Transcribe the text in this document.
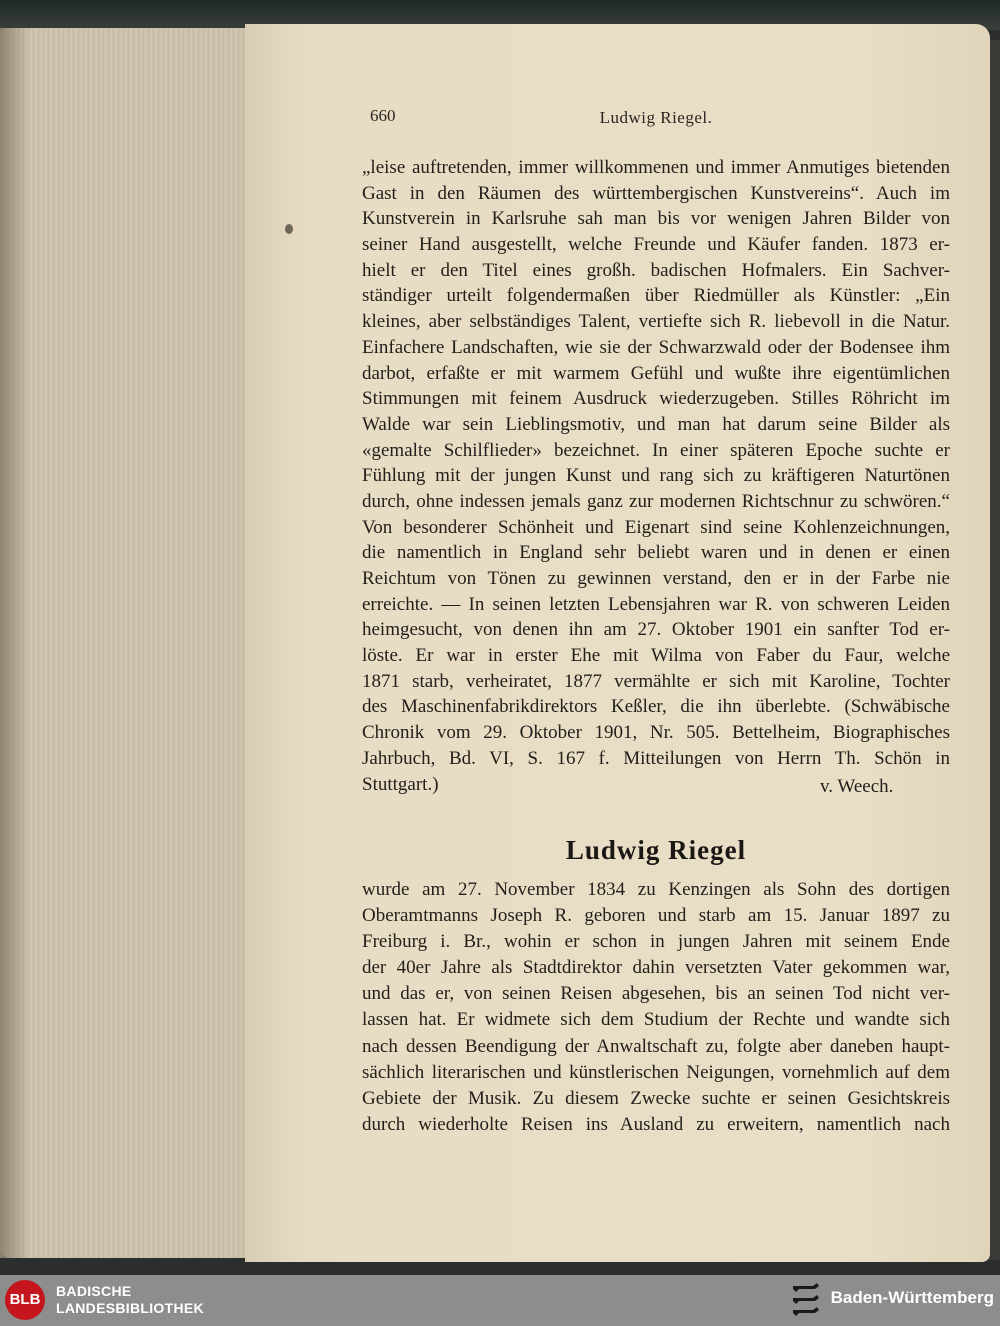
660	Ludwig Riegel.
„leise auftretenden, immer willkommenen und immer Anmutiges bietenden
Gast in den Räumen des württembergischen Kunstvereins“. Auch im
Kunstverein in Karlsruhe sah man bis vor wenigen Jahren Bilder von
seiner Hand ausgestellt, welche Freunde und Käufer fanden. 1873 er-
hielt er den Titel eines großh. badischen Hofmalers. Ein Sachver-
ständiger urteilt folgendermaßen über Riedmüller als Künstler: „Ein
kleines, aber selbständiges Talent, vertiefte sich R. liebevoll in die Natur.
Einfachere Landschaften, wie sie der Schwarzwald oder der Bodensee ihm
darbot, erfaßte er mit warmem Gefühl und wußte ihre eigentümlichen
Stimmungen mit feinem Ausdruck wiederzugeben. Stilles Röhricht im
Walde war sein Lieblingsmotiv, und man hat darum seine Bilder als
«gemalte Schilflieder» bezeichnet. In einer späteren Epoche suchte er
Fühlung mit der jungen Kunst und rang sich zu kräftigeren Naturtönen
durch, ohne indessen jemals ganz zur modernen Richtschnur zu schwören.“
Von besonderer Schönheit und Eigenart sind seine Kohlenzeichnungen,
die namentlich in England sehr beliebt waren und in denen er einen
Reichtum von Tönen zu gewinnen verstand, den er in der Farbe nie
erreichte. — In seinen letzten Lebensjahren war R. von schweren Leiden
heimgesucht, von denen ihn am 27. Oktober 1901 ein sanfter Tod er-
löste. Er war in erster Ehe mit Wilma von Faber du Faur, welche
1871 starb, verheiratet, 1877 vermählte er sich mit Karoline, Tochter
des Maschinenfabrikdirektors Keßler, die ihn überlebte. (Schwäbische
Chronik vom 29. Oktober 1901, Nr. 505. Bettelheim, Biographisches
Jahrbuch, Bd. VI, S. 167 f. Mitteilungen von Herrn Th. Schön in
Stuttgart.)	v. Weech.
Ludwig Riegel
wurde am 27. November 1834 zu Kenzingen als Sohn des dortigen
Oberamtmanns Joseph R. geboren und starb am 15. Januar 1897 zu
Freiburg i. Br., wohin er schon in jungen Jahren mit seinem Ende
der 40er Jahre als Stadtdirektor dahin versetzten Vater gekommen war,
und das er, von seinen Reisen abgesehen, bis an seinen Tod nicht ver-
lassen hat. Er widmete sich dem Studium der Rechte und wandte sich
nach dessen Beendigung der Anwaltschaft zu, folgte aber daneben haupt-
sächlich literarischen und künstlerischen Neigungen, vornehmlich auf dem
Gebiete der Musik. Zu diesem Zwecke suchte er seinen Gesichtskreis
durch wiederholte Reisen ins Ausland zu erweitern, namentlich nach
BLB	BADISCHE
LANDESBIBLIOTHEK
Baden-Württemberg
